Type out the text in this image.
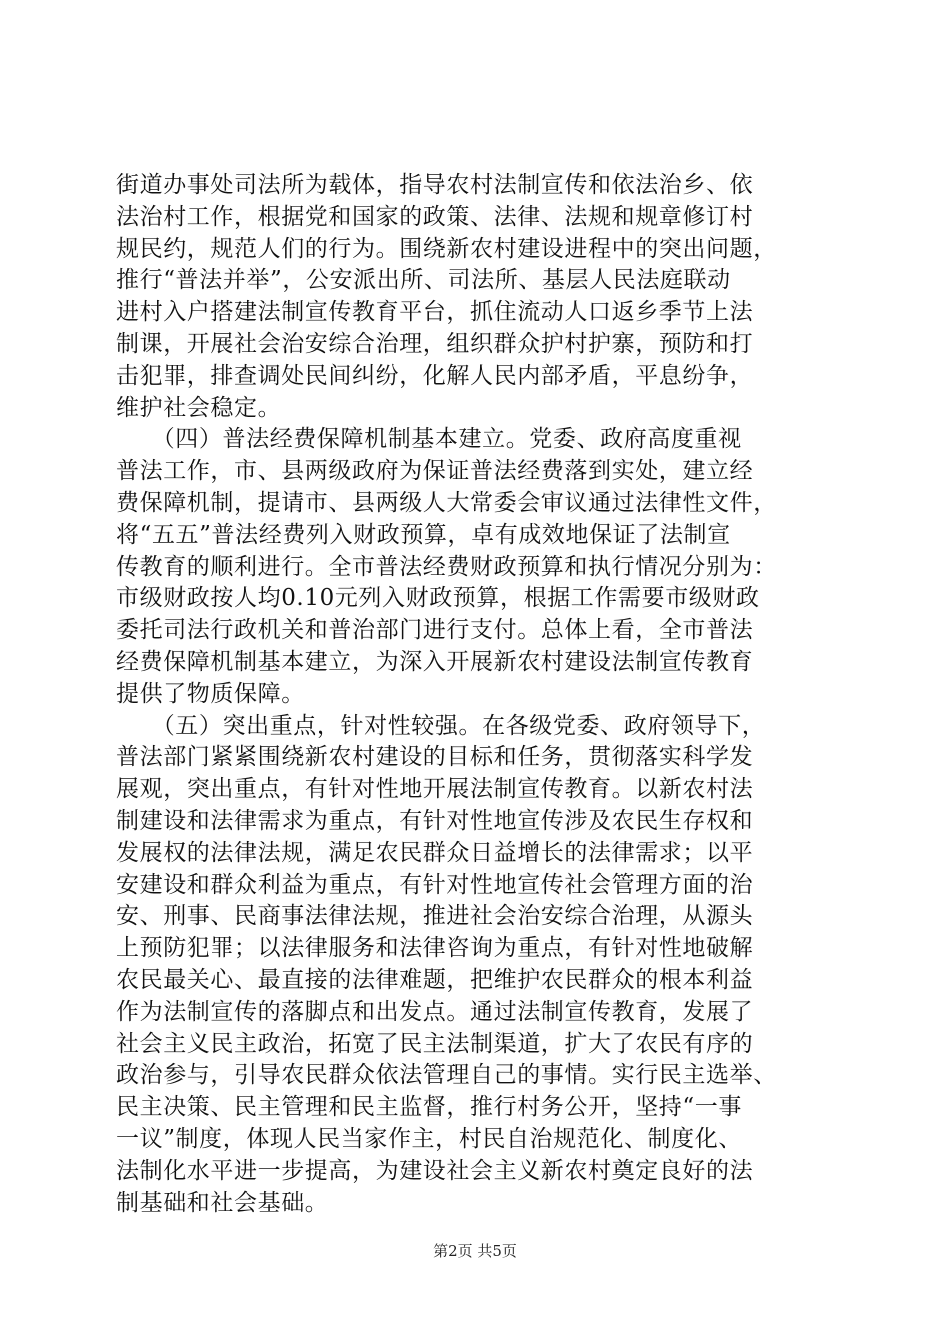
街道办事处司法所为载体，指导农村法制宣传和依法治乡、依
法治村工作，根据党和国家的政策、法律、法规和规章修订村
规民约，规范人们的行为。围绕新农村建设进程中的突出问题，
推行“普法并举”，公安派出所、司法所、基层人民法庭联动
进村入户搭建法制宣传教育平台，抓住流动人口返乡季节上法
制课，开展社会治安综合治理，组织群众护村护寨，预防和打
击犯罪，排查调处民间纠纷，化解人民内部矛盾，平息纷争，
维护社会稳定。
　　（四）普法经费保障机制基本建立。党委、政府高度重视
普法工作，市、县两级政府为保证普法经费落到实处，建立经
费保障机制，提请市、县两级人大常委会审议通过法律性文件，
将“五五”普法经费列入财政预算，卓有成效地保证了法制宣
传教育的顺利进行。全市普法经费财政预算和执行情况分别为：
市级财政按人均0.10元列入财政预算，根据工作需要市级财政
委托司法行政机关和普治部门进行支付。总体上看，全市普法
经费保障机制基本建立，为深入开展新农村建设法制宣传教育
提供了物质保障。
　　（五）突出重点，针对性较强。在各级党委、政府领导下，
普法部门紧紧围绕新农村建设的目标和任务，贯彻落实科学发
展观，突出重点，有针对性地开展法制宣传教育。以新农村法
制建设和法律需求为重点，有针对性地宣传涉及农民生存权和
发展权的法律法规，满足农民群众日益增长的法律需求；以平
安建设和群众利益为重点，有针对性地宣传社会管理方面的治
安、刑事、民商事法律法规，推进社会治安综合治理，从源头
上预防犯罪；以法律服务和法律咨询为重点，有针对性地破解
农民最关心、最直接的法律难题，把维护农民群众的根本利益
作为法制宣传的落脚点和出发点。通过法制宣传教育，发展了
社会主义民主政治，拓宽了民主法制渠道，扩大了农民有序的
政治参与，引导农民群众依法管理自己的事情。实行民主选举、
民主决策、民主管理和民主监督，推行村务公开，坚持“一事
一议”制度，体现人民当家作主，村民自治规范化、制度化、
法制化水平进一步提高，为建设社会主义新农村奠定良好的法
制基础和社会基础。
第2页 共5页
